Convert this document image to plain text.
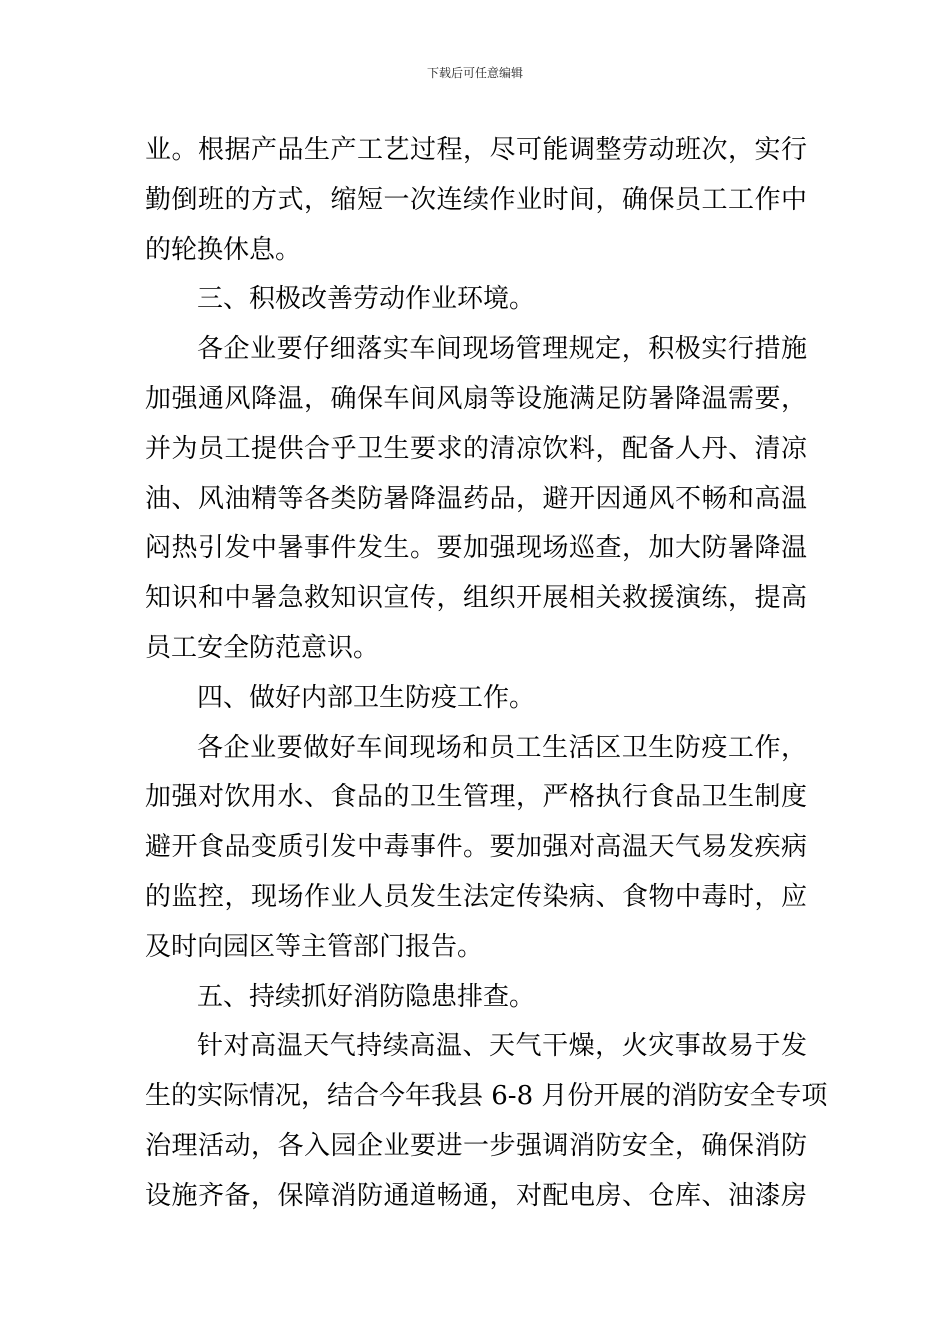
下载后可任意编辑
业。根据产品生产工艺过程，尽可能调整劳动班次，实行
勤倒班的方式，缩短一次连续作业时间，确保员工工作中
的轮换休息。
三、积极改善劳动作业环境。
各企业要仔细落实车间现场管理规定，积极实行措施
加强通风降温，确保车间风扇等设施满足防暑降温需要，
并为员工提供合乎卫生要求的清凉饮料，配备人丹、清凉
油、风油精等各类防暑降温药品，避开因通风不畅和高温
闷热引发中暑事件发生。要加强现场巡查，加大防暑降温
知识和中暑急救知识宣传，组织开展相关救援演练，提高
员工安全防范意识。
四、做好内部卫生防疫工作。
各企业要做好车间现场和员工生活区卫生防疫工作，
加强对饮用水、食品的卫生管理，严格执行食品卫生制度
避开食品变质引发中毒事件。要加强对高温天气易发疾病
的监控，现场作业人员发生法定传染病、食物中毒时，应
及时向园区等主管部门报告。
五、持续抓好消防隐患排查。
针对高温天气持续高温、天气干燥，火灾事故易于发
生的实际情况，结合今年我县 6-8 月份开展的消防安全专项
治理活动，各入园企业要进一步强调消防安全，确保消防
设施齐备，保障消防通道畅通，对配电房、仓库、油漆房
